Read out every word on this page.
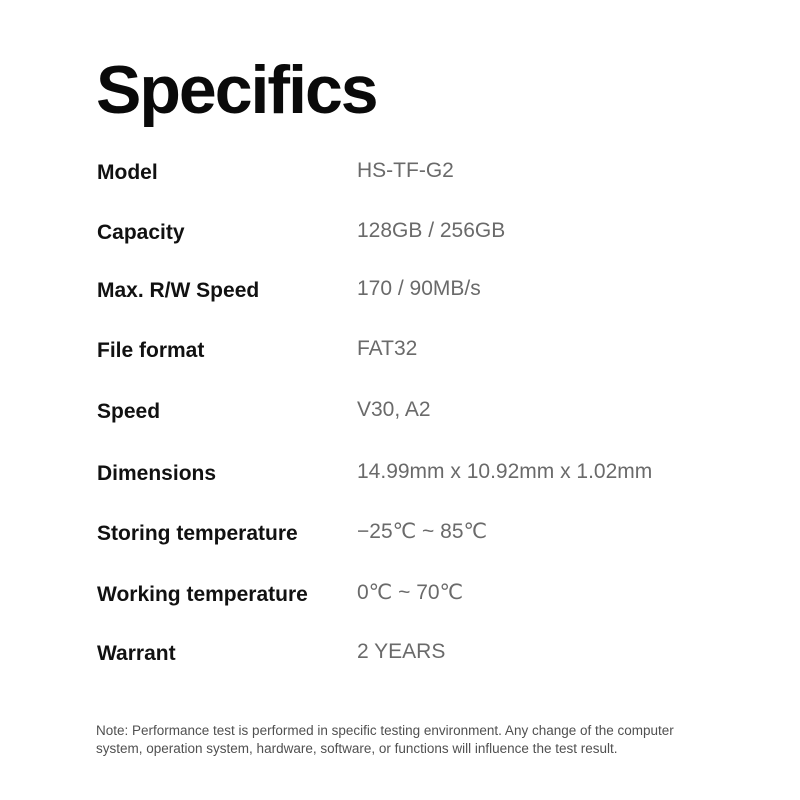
Specifics
Model	HS-TF-G2
Capacity	128GB / 256GB
Max. R/W Speed	170 / 90MB/s
File format	FAT32
Speed	V30, A2
Dimensions	14.99mm x 10.92mm x 1.02mm
Storing temperature	−25℃ ~ 85℃
Working temperature 0℃ ~ 70℃
Warrant	2 YEARS

Note: Performance test is performed in specific testing environment. Any change of the computer system, operation system, hardware, software, or functions will influence the test result.
